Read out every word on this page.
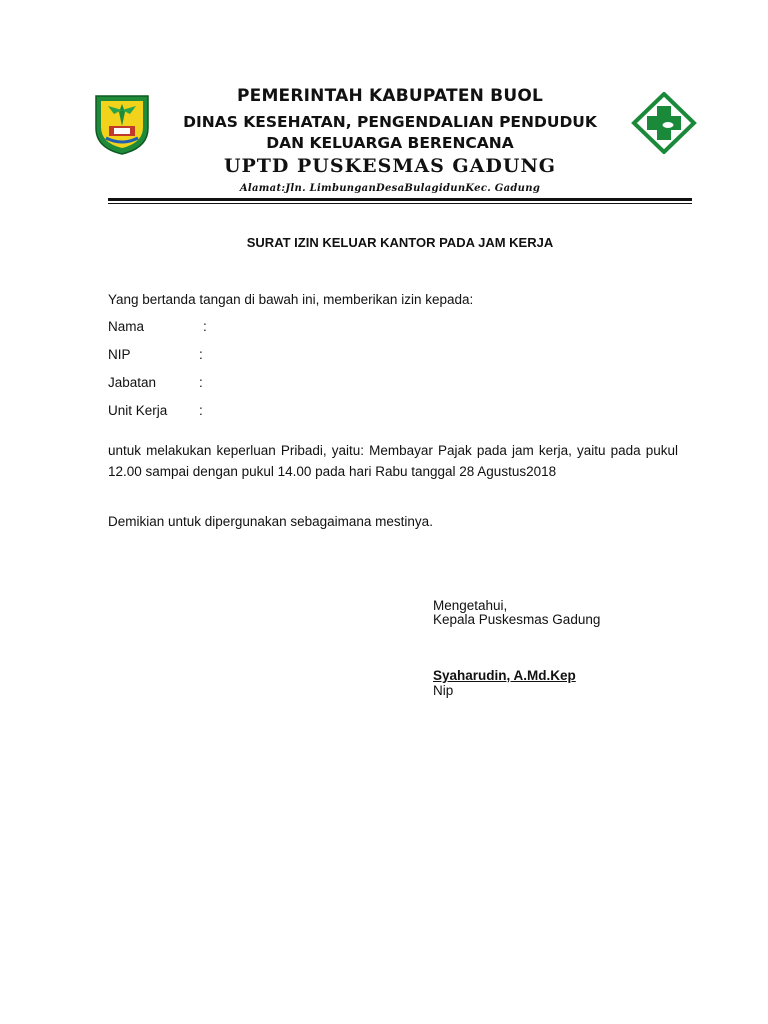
PEMERINTAH KABUPATEN BUOL
DINAS KESEHATAN, PENGENDALIAN PENDUDUK
DAN KELUARGA BERENCANA
UPTD PUSKESMAS GADUNG
Alamat:Jln. LimbunganDesaBulagidunKec. Gadung
SURAT IZIN KELUAR KANTOR PADA JAM KERJA
Yang bertanda tangan di bawah ini, memberikan izin kepada:
Nama	:
NIP	:
Jabatan	:
Unit Kerja :
untuk melakukan keperluan Pribadi, yaitu: Membayar Pajak pada jam kerja, yaitu pada pukul 12.00 sampai dengan pukul 14.00 pada hari Rabu tanggal 28 Agustus2018
Demikian untuk dipergunakan sebagaimana mestinya.
Mengetahui,
Kepala Puskesmas Gadung
Syaharudin, A.Md.Kep
Nip
